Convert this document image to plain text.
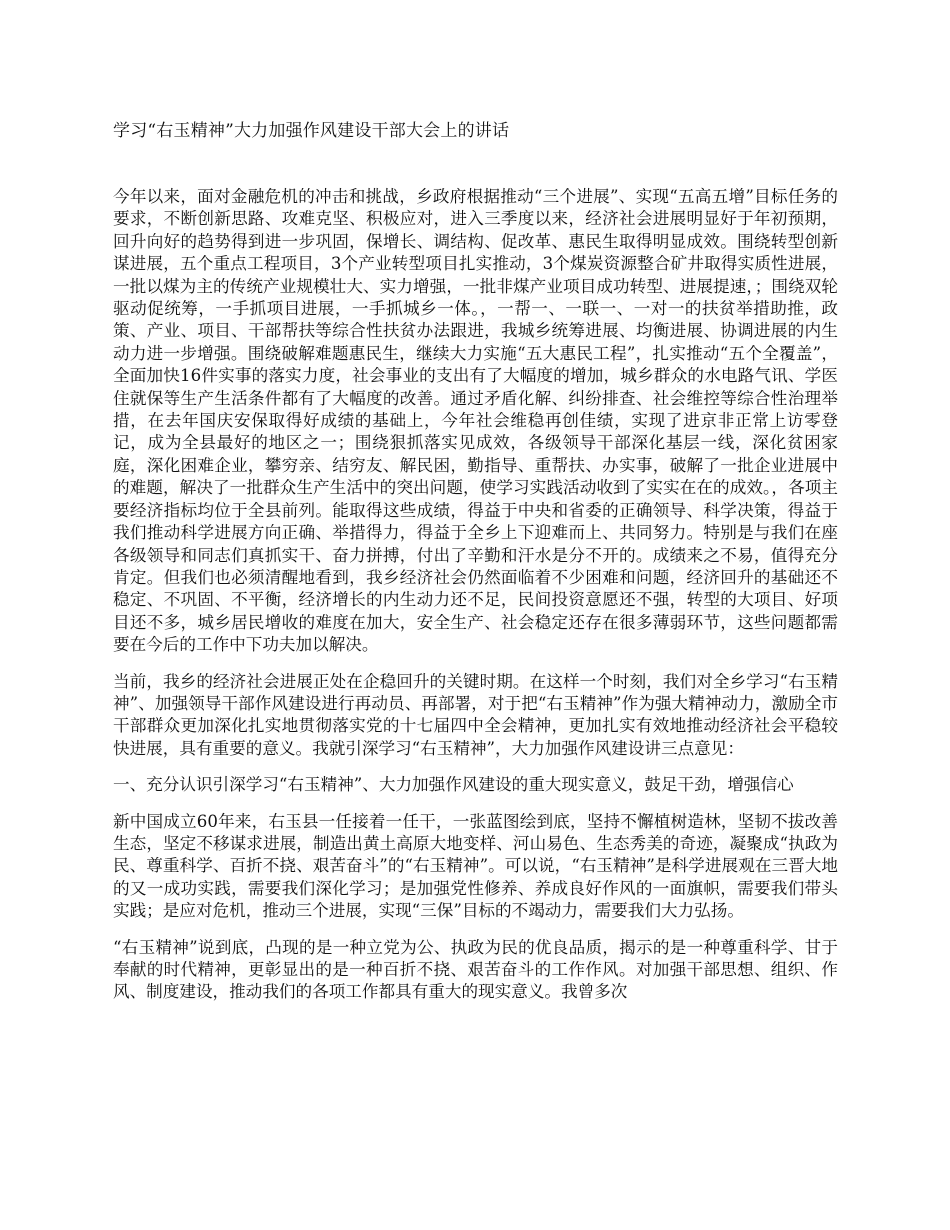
学习“右玉精神”大力加强作风建设干部大会上的讲话

今年以来，面对金融危机的冲击和挑战，乡政府根据推动“三个进展”、实现“五高五增”目标任务的要求，不断创新思路、攻难克坚、积极应对，进入三季度以来，经济社会进展明显好于年初预期，回升向好的趋势得到进一步巩固，保增长、调结构、促改革、惠民生取得明显成效。围绕转型创新谋进展，五个重点工程项目，3个产业转型项目扎实推动，3个煤炭资源整合矿井取得实质性进展，一批以煤为主的传统产业规模壮大、实力增强，一批非煤产业项目成功转型、进展提速，；围绕双轮驱动促统筹，一手抓项目进展，一手抓城乡一体。，一帮一、一联一、一对一的扶贫举措助推，政策、产业、项目、干部帮扶等综合性扶贫办法跟进，我城乡统筹进展、均衡进展、协调进展的内生动力进一步增强。围绕破解难题惠民生，继续大力实施“五大惠民工程”，扎实推动“五个全覆盖”，全面加快16件实事的落实力度，社会事业的支出有了大幅度的增加，城乡群众的水电路气讯、学医住就保等生产生活条件都有了大幅度的改善。通过矛盾化解、纠纷排查、社会维控等综合性治理举措，在去年国庆安保取得好成绩的基础上，今年社会维稳再创佳绩，实现了进京非正常上访零登记，成为全县最好的地区之一；围绕狠抓落实见成效，各级领导干部深化基层一线，深化贫困家庭，深化困难企业，攀穷亲、结穷友、解民困，勤指导、重帮扶、办实事，破解了一批企业进展中的难题，解决了一批群众生产生活中的突出问题，使学习实践活动收到了实实在在的成效。，各项主要经济指标均位于全县前列。能取得这些成绩，得益于中央和省委的正确领导、科学决策，得益于我们推动科学进展方向正确、举措得力，得益于全乡上下迎难而上、共同努力。特别是与我们在座各级领导和同志们真抓实干、奋力拼搏，付出了辛勤和汗水是分不开的。成绩来之不易，值得充分肯定。但我们也必须清醒地看到，我乡经济社会仍然面临着不少困难和问题，经济回升的基础还不稳定、不巩固、不平衡，经济增长的内生动力还不足，民间投资意愿还不强，转型的大项目、好项目还不多，城乡居民增收的难度在加大，安全生产、社会稳定还存在很多薄弱环节，这些问题都需要在今后的工作中下功夫加以解决。

当前，我乡的经济社会进展正处在企稳回升的关键时期。在这样一个时刻，我们对全乡学习“右玉精神”、加强领导干部作风建设进行再动员、再部署，对于把“右玉精神”作为强大精神动力，激励全市干部群众更加深化扎实地贯彻落实党的十七届四中全会精神，更加扎实有效地推动经济社会平稳较快进展，具有重要的意义。我就引深学习“右玉精神”，大力加强作风建设讲三点意见：

一、充分认识引深学习“右玉精神”、大力加强作风建设的重大现实意义，鼓足干劲，增强信心

新中国成立60年来，右玉县一任接着一任干，一张蓝图绘到底，坚持不懈植树造林，坚韧不拔改善生态，坚定不移谋求进展，制造出黄土高原大地变样、河山易色、生态秀美的奇迹，凝聚成“执政为民、尊重科学、百折不挠、艰苦奋斗”的“右玉精神”。可以说，“右玉精神”是科学进展观在三晋大地的又一成功实践，需要我们深化学习；是加强党性修养、养成良好作风的一面旗帜，需要我们带头实践；是应对危机，推动三个进展，实现“三保”目标的不竭动力，需要我们大力弘扬。

“右玉精神”说到底，凸现的是一种立党为公、执政为民的优良品质，揭示的是一种尊重科学、甘于奉献的时代精神，更彰显出的是一种百折不挠、艰苦奋斗的工作作风。对加强干部思想、组织、作风、制度建设，推动我们的各项工作都具有重大的现实意义。我曾多次
